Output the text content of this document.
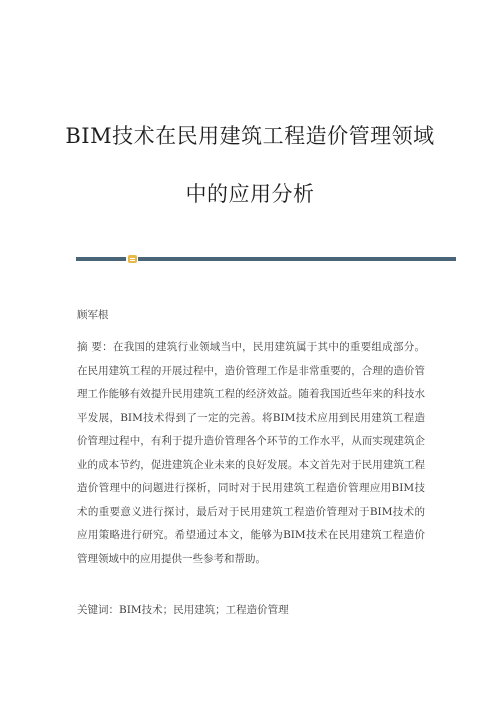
BIM技术在民用建筑工程造价管理领域
中的应用分析
顾军根

摘 要：在我国的建筑行业领域当中，民用建筑属于其中的重要组成部分。在民用建筑工程的开展过程中，造价管理工作是非常重要的，合理的造价管理工作能够有效提升民用建筑工程的经济效益。随着我国近些年来的科技水平发展，BIM技术得到了一定的完善。将BIM技术应用到民用建筑工程造价管理过程中，有利于提升造价管理各个环节的工作水平，从而实现建筑企业的成本节约，促进建筑企业未来的良好发展。本文首先对于民用建筑工程造价管理中的问题进行探析，同时对于民用建筑工程造价管理应用BIM技术的重要意义进行探讨，最后对于民用建筑工程造价管理对于BIM技术的应用策略进行研究。希望通过本文，能够为BIM技术在民用建筑工程造价管理领域中的应用提供一些参考和帮助。

关键词：BIM技术；民用建筑；工程造价管理
